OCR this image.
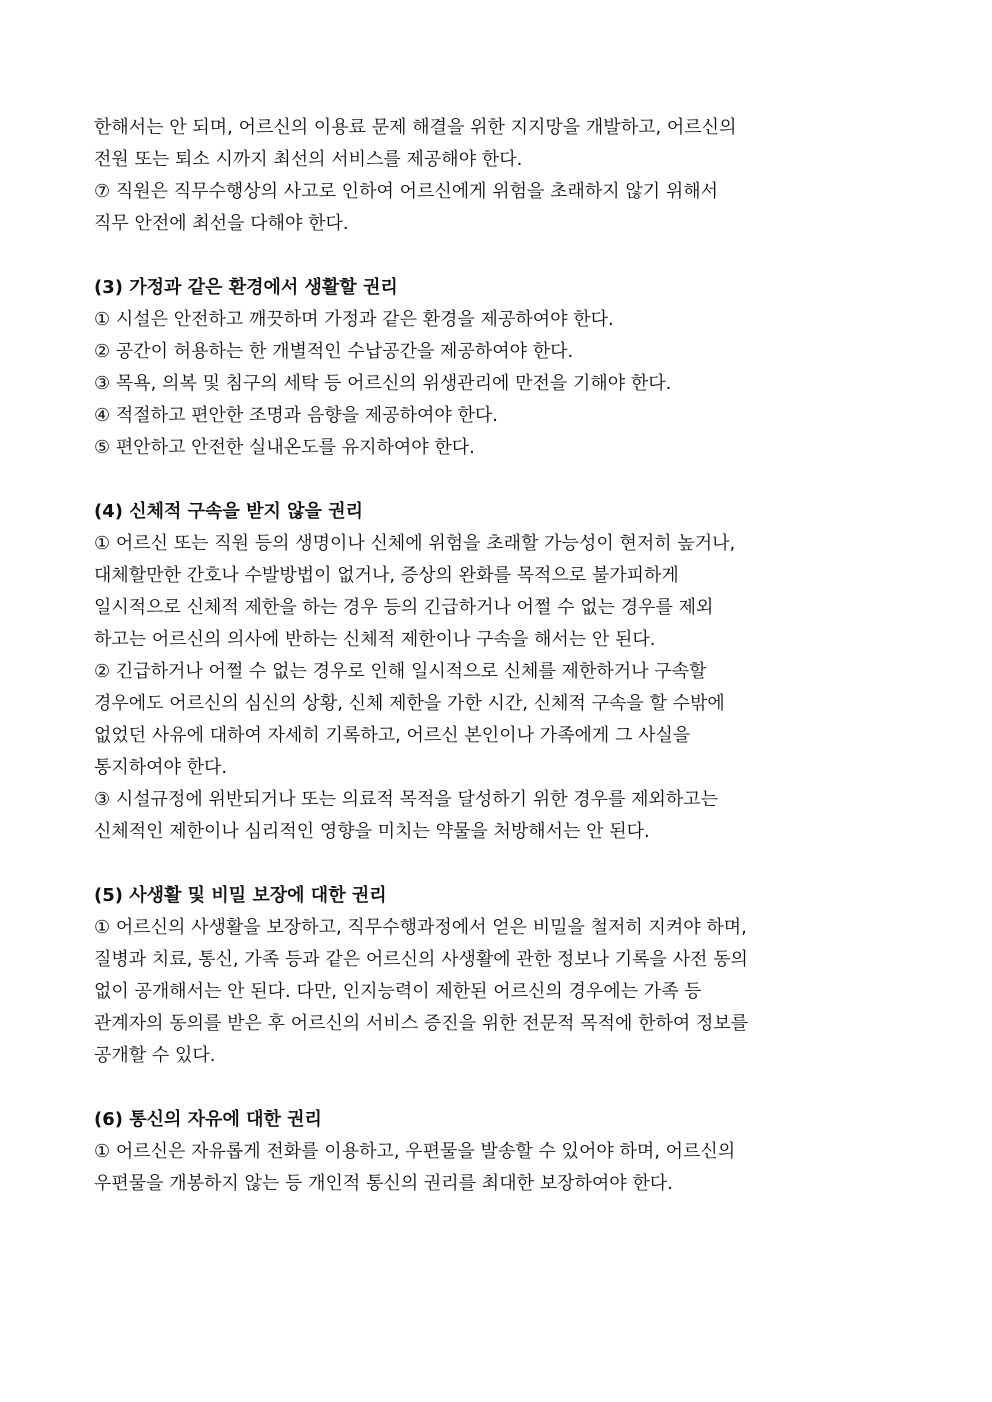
한해서는 안 되며, 어르신의 이용료 문제 해결을 위한 지지망을 개발하고, 어르신의
전원 또는 퇴소 시까지 최선의 서비스를 제공해야 한다.
⑦ 직원은 직무수행상의 사고로 인하여 어르신에게 위험을 초래하지 않기 위해서
직무 안전에 최선을 다해야 한다.
(3) 가정과 같은 환경에서 생활할 권리
① 시설은 안전하고 깨끗하며 가정과 같은 환경을 제공하여야 한다.
② 공간이 허용하는 한 개별적인 수납공간을 제공하여야 한다.
③ 목욕, 의복 및 침구의 세탁 등 어르신의 위생관리에 만전을 기해야 한다.
④ 적절하고 편안한 조명과 음향을 제공하여야 한다.
⑤ 편안하고 안전한 실내온도를 유지하여야 한다.
(4) 신체적 구속을 받지 않을 권리
① 어르신 또는 직원 등의 생명이나 신체에 위험을 초래할 가능성이 현저히 높거나,
대체할만한 간호나 수발방법이 없거나, 증상의 완화를 목적으로 불가피하게
일시적으로 신체적 제한을 하는 경우 등의 긴급하거나 어쩔 수 없는 경우를 제외
하고는 어르신의 의사에 반하는 신체적 제한이나 구속을 해서는 안 된다.
② 긴급하거나 어쩔 수 없는 경우로 인해 일시적으로 신체를 제한하거나 구속할
경우에도 어르신의 심신의 상황, 신체 제한을 가한 시간, 신체적 구속을 할 수밖에
없었던 사유에 대하여 자세히 기록하고, 어르신 본인이나 가족에게 그 사실을
통지하여야 한다.
③ 시설규정에 위반되거나 또는 의료적 목적을 달성하기 위한 경우를 제외하고는
신체적인 제한이나 심리적인 영향을 미치는 약물을 처방해서는 안 된다.
(5) 사생활 및 비밀 보장에 대한 권리
① 어르신의 사생활을 보장하고, 직무수행과정에서 얻은 비밀을 철저히 지켜야 하며,
질병과 치료, 통신, 가족 등과 같은 어르신의 사생활에 관한 정보나 기록을 사전 동의
없이 공개해서는 안 된다. 다만, 인지능력이 제한된 어르신의 경우에는 가족 등
관계자의 동의를 받은 후 어르신의 서비스 증진을 위한 전문적 목적에 한하여 정보를
공개할 수 있다.
(6) 통신의 자유에 대한 권리
① 어르신은 자유롭게 전화를 이용하고, 우편물을 발송할 수 있어야 하며, 어르신의
우편물을 개봉하지 않는 등 개인적 통신의 권리를 최대한 보장하여야 한다.
